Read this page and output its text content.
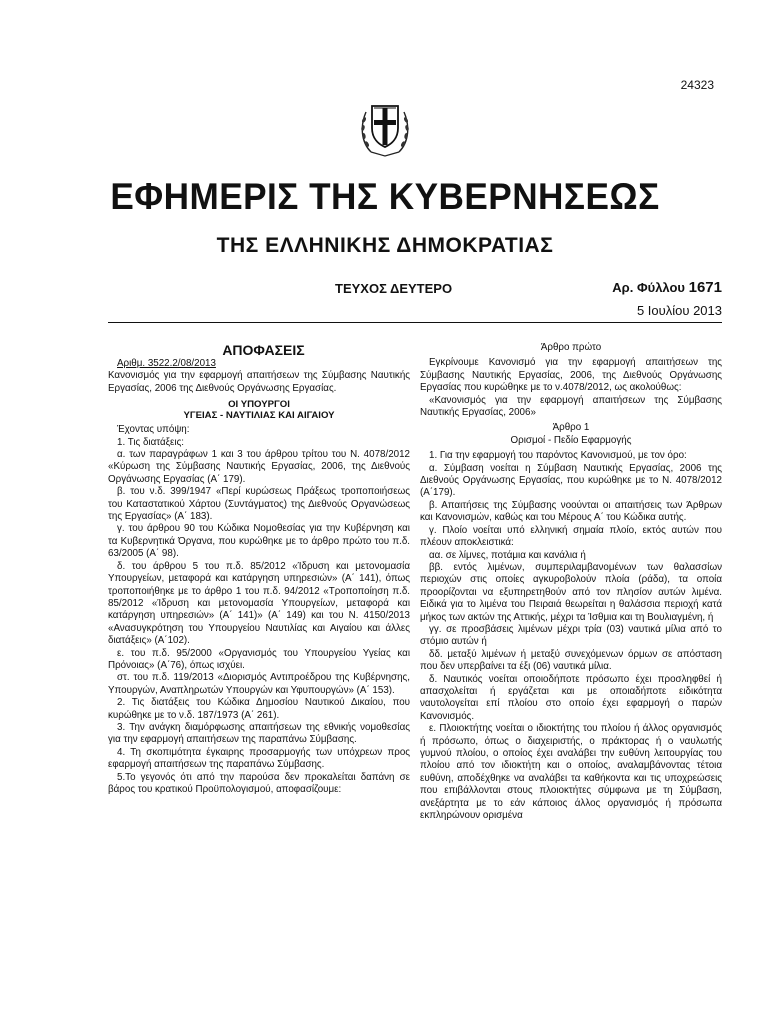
24323
ΕΦΗΜΕΡΙΣ ΤΗΣ ΚΥΒΕΡΝΗΣΕΩΣ
ΤΗΣ ΕΛΛΗΝΙΚΗΣ ΔΗΜΟΚΡΑΤΙΑΣ
ΤΕΥΧΟΣ ΔΕΥΤΕΡΟ	Αρ. Φύλλου 1671
5 Ιουλίου 2013

ΑΠΟΦΑΣΕΙΣ

Αριθμ. 3522.2/08/2013

Κανονισμός για την εφαρμογή απαιτήσεων της Σύμβασης Ναυτικής Εργασίας, 2006 της Διεθνούς Οργάνωσης Εργασίας.

ΟΙ ΥΠΟΥΡΓΟΙ
ΥΓΕΙΑΣ - ΝΑΥΤΙΛΙΑΣ ΚΑΙ ΑΙΓΑΙΟΥ

Έχοντας υπόψη:

1. Τις διατάξεις:

α. των παραγράφων 1 και 3 του άρθρου τρίτου του Ν. 4078/2012 «Κύρωση της Σύμβασης Ναυτικής Εργασίας, 2006, της Διεθνούς Οργάνωσης Εργασίας (Α΄ 179).

β. του ν.δ. 399/1947 «Περί κυρώσεως Πράξεως τροποποιήσεως του Καταστατικού Χάρτου (Συντάγματος) της Διεθνούς Οργανώσεως της Εργασίας» (Α΄ 183).

γ. του άρθρου 90 του Κώδικα Νομοθεσίας για την Κυβέρνηση και τα Κυβερνητικά Όργανα, που κυρώθηκε με το άρθρο πρώτο του π.δ. 63/2005 (Α΄ 98).

δ. του άρθρου 5 του π.δ. 85/2012 «Ίδρυση και μετονομασία Υπουργείων, μεταφορά και κατάργηση υπηρεσιών» (Α΄ 141), όπως τροποποιήθηκε με το άρθρο 1 του π.δ. 94/2012 «Τροποποίηση π.δ. 85/2012 «Ίδρυση και μετονομασία Υπουργείων, μεταφορά και κατάργηση υπηρεσιών» (Α΄ 141)» (Α΄ 149) και του Ν. 4150/2013 «Ανασυγκρότηση του Υπουργείου Ναυτιλίας και Αιγαίου και άλλες διατάξεις» (Α΄102).

ε. του π.δ. 95/2000 «Οργανισμός του Υπουργείου Υγείας και Πρόνοιας» (Α΄76), όπως ισχύει.

στ. του π.δ. 119/2013 «Διορισμός Αντιπροέδρου της Κυβέρνησης, Υπουργών, Αναπληρωτών Υπουργών και Υφυπουργών» (Α΄ 153).

2. Τις διατάξεις του Κώδικα Δημοσίου Ναυτικού Δικαίου, που κυρώθηκε με το ν.δ. 187/1973 (Α΄ 261).

3. Την ανάγκη διαμόρφωσης απαιτήσεων της εθνικής νομοθεσίας για την εφαρμογή απαιτήσεων της παραπάνω Σύμβασης.

4. Τη σκοπιμότητα έγκαιρης προσαρμογής των υπόχρεων προς εφαρμογή απαιτήσεων της παραπάνω Σύμβασης.

5.Το γεγονός ότι από την παρούσα δεν προκαλείται δαπάνη σε βάρος του κρατικού Προϋπολογισμού, αποφασίζουμε:

Άρθρο πρώτο

Εγκρίνουμε Κανονισμό για την εφαρμογή απαιτήσεων της Σύμβασης Ναυτικής Εργασίας, 2006, της Διεθνούς Οργάνωσης Εργασίας που κυρώθηκε με το ν.4078/2012, ως ακολούθως:

«Κανονισμός για την εφαρμογή απαιτήσεων της Σύμβασης Ναυτικής Εργασίας, 2006»

Άρθρο 1

Ορισμοί - Πεδίο Εφαρμογής

1. Για την εφαρμογή του παρόντος Κανονισμού, με τον όρο:

α. Σύμβαση νοείται η Σύμβαση Ναυτικής Εργασίας, 2006 της Διεθνούς Οργάνωσης Εργασίας, που κυρώθηκε με το Ν. 4078/2012 (Α΄179).

β. Απαιτήσεις της Σύμβασης νοούνται οι απαιτήσεις των Άρθρων και Κανονισμών, καθώς και του Μέρους Α΄ του Κώδικα αυτής.

γ. Πλοίο νοείται υπό ελληνική σημαία πλοίο, εκτός αυτών που πλέουν αποκλειστικά:

αα. σε λίμνες, ποτάμια και κανάλια ή

ββ. εντός λιμένων, συμπεριλαμβανομένων των θαλασσίων περιοχών στις οποίες αγκυροβολούν πλοία (ράδα), τα οποία προορίζονται να εξυπηρετηθούν από τον πλησίον αυτών λιμένα. Ειδικά για το λιμένα του Πειραιά θεωρείται η θαλάσσια περιοχή κατά μήκος των ακτών της Αττικής, μέχρι τα Ίσθμια και τη Βουλιαγμένη, ή

γγ. σε προσβάσεις λιμένων μέχρι τρία (03) ναυτικά μίλια από το στόμιο αυτών ή

δδ. μεταξύ λιμένων ή μεταξύ συνεχόμενων όρμων σε απόσταση που δεν υπερβαίνει τα έξι (06) ναυτικά μίλια.

δ. Ναυτικός νοείται οποιοδήποτε πρόσωπο έχει προσληφθεί ή απασχολείται ή εργάζεται και με οποιαδήποτε ειδικότητα ναυτολογείται επί πλοίου στο οποίο έχει εφαρμογή ο παρών Κανονισμός.

ε. Πλοιοκτήτης νοείται ο ιδιοκτήτης του πλοίου ή άλλος οργανισμός ή πρόσωπο, όπως ο διαχειριστής, ο πράκτορας ή ο ναυλωτής γυμνού πλοίου, ο οποίος έχει αναλάβει την ευθύνη λειτουργίας του πλοίου από τον ιδιοκτήτη και ο οποίος, αναλαμβάνοντας τέτοια ευθύνη, αποδέχθηκε να αναλάβει τα καθήκοντα και τις υποχρεώσεις που επιβάλλονται στους πλοιοκτήτες σύμφωνα με τη Σύμβαση, ανεξάρτητα με το εάν κάποιος άλλος οργανισμός ή πρόσωπα εκπληρώνουν ορισμένα
